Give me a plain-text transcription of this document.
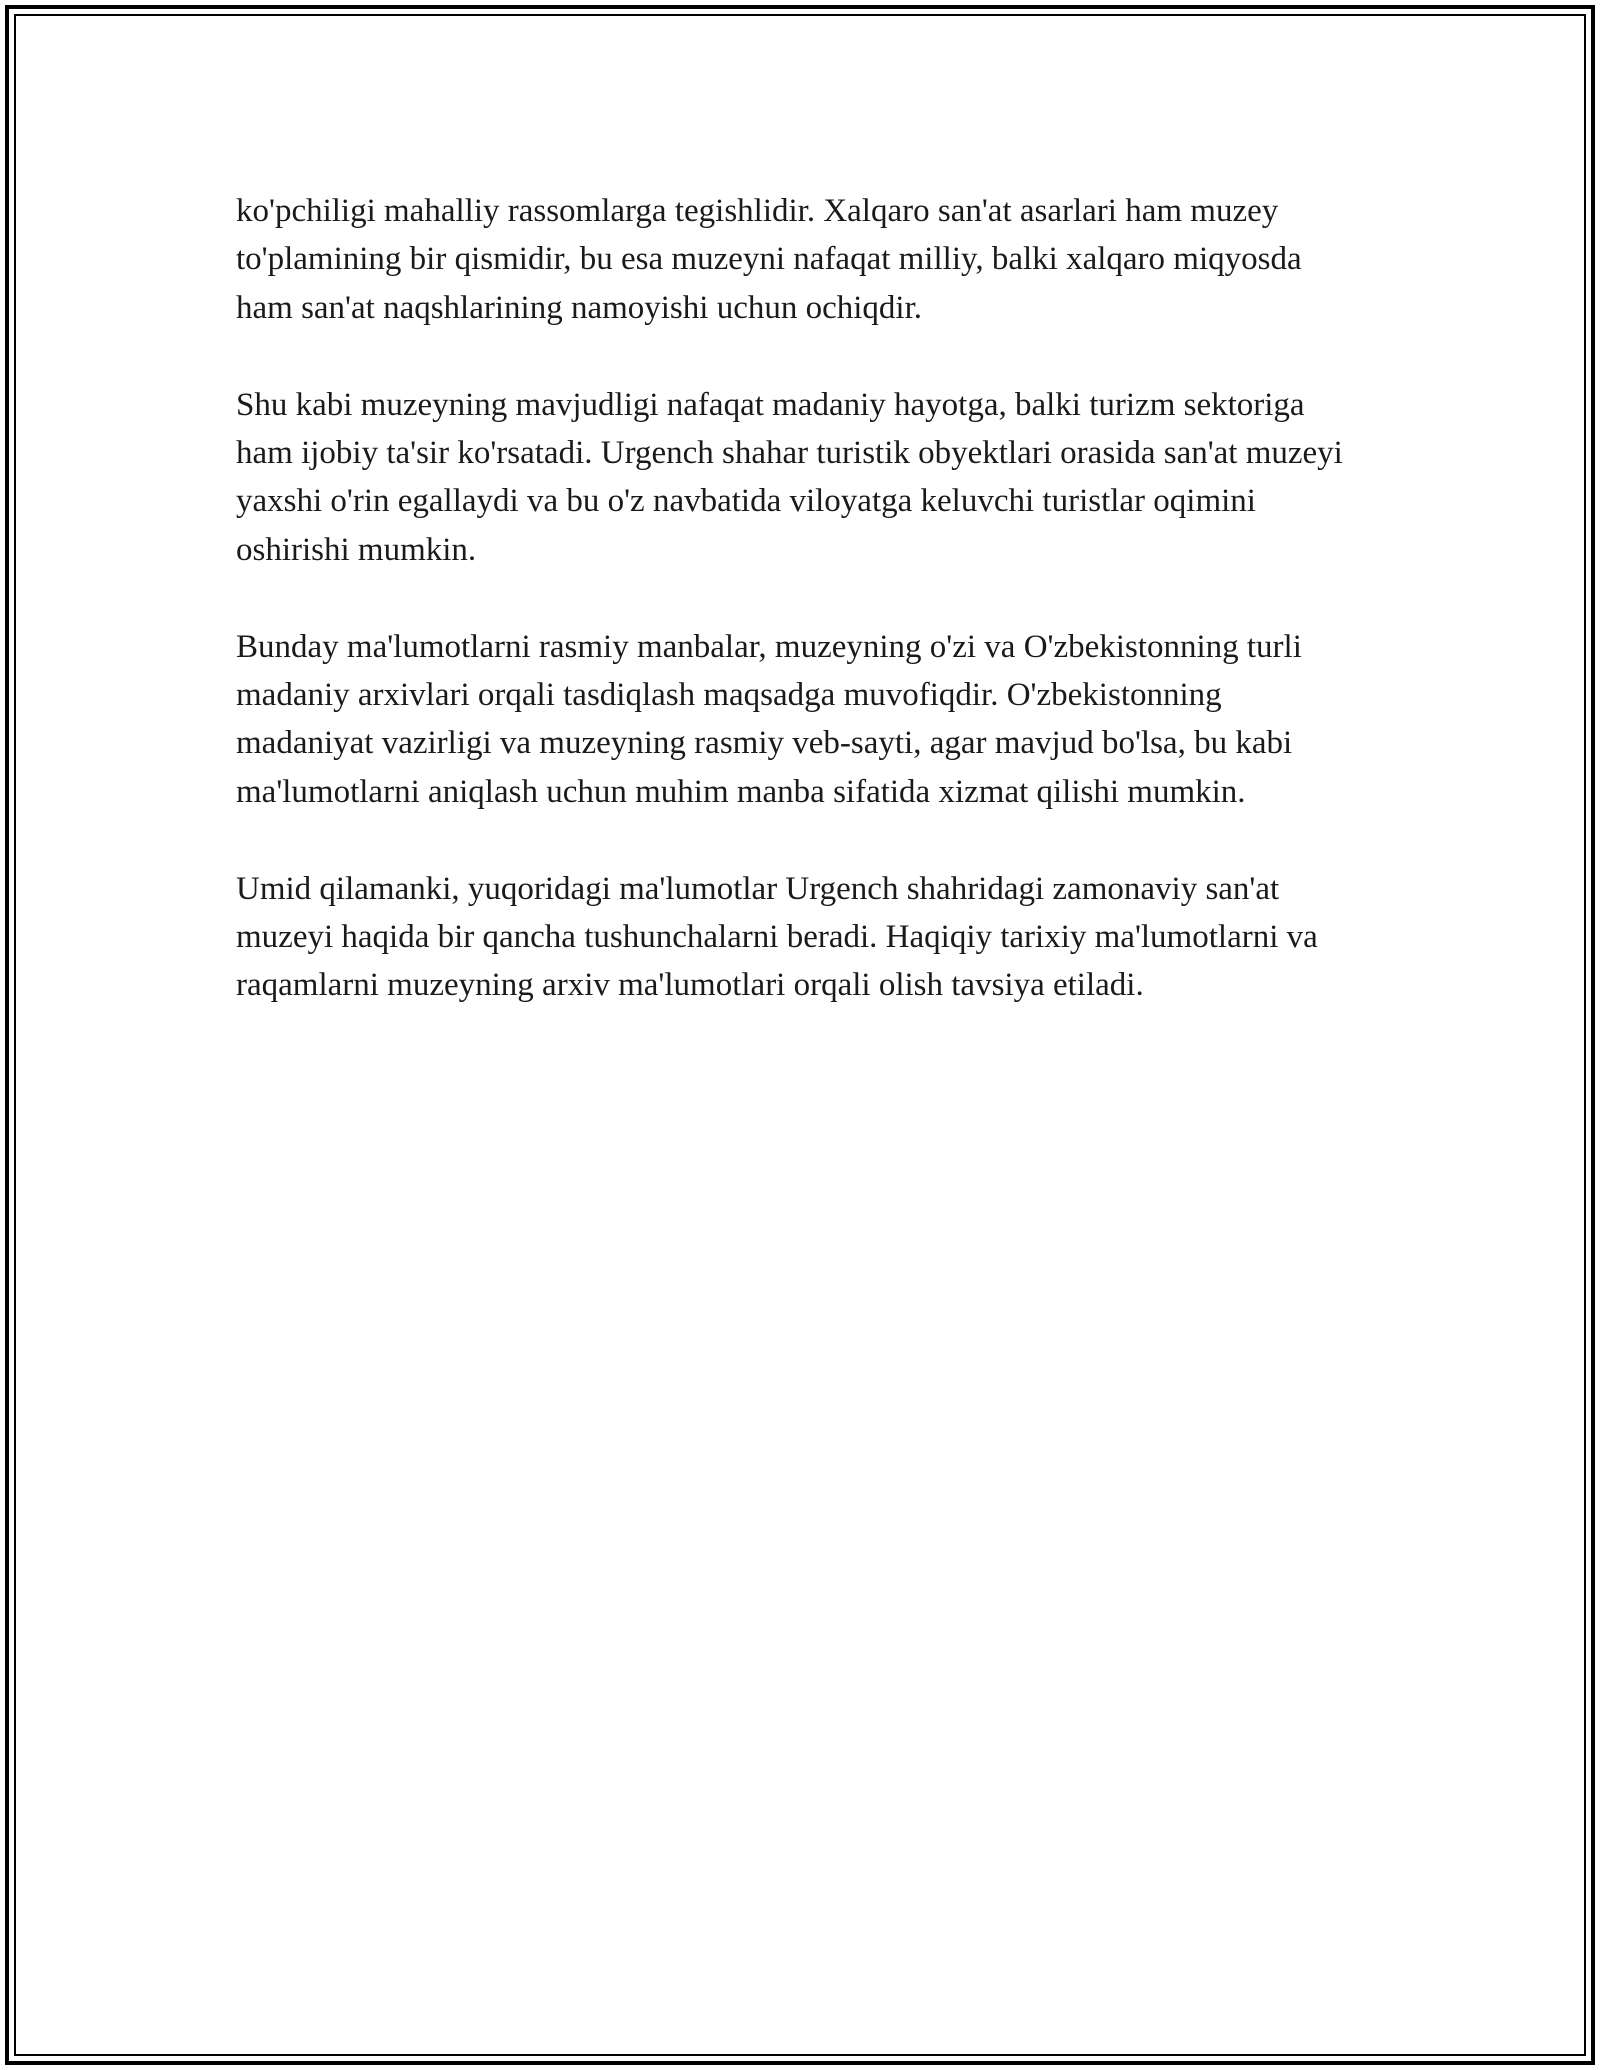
ko'pchiligi mahalliy rassomlarga tegishlidir. Xalqaro san'at asarlari ham muzey to'plamining bir qismidir, bu esa muzeyni nafaqat milliy, balki xalqaro miqyosda ham san'at naqshlarining namoyishi uchun ochiqdir.

Shu kabi muzeyning mavjudligi nafaqat madaniy hayotga, balki turizm sektoriga ham ijobiy ta'sir ko'rsatadi. Urgench shahar turistik obyektlari orasida san'at muzeyi yaxshi o'rin egallaydi va bu o'z navbatida viloyatga keluvchi turistlar oqimini oshirishi mumkin.

Bunday ma'lumotlarni rasmiy manbalar, muzeyning o'zi va O'zbekistonning turli madaniy arxivlari orqali tasdiqlash maqsadga muvofiqdir. O'zbekistonning madaniyat vazirligi va muzeyning rasmiy veb-sayti, agar mavjud bo'lsa, bu kabi ma'lumotlarni aniqlash uchun muhim manba sifatida xizmat qilishi mumkin.

Umid qilamanki, yuqoridagi ma'lumotlar Urgench shahridagi zamonaviy san'at muzeyi haqida bir qancha tushunchalarni beradi. Haqiqiy tarixiy ma'lumotlarni va raqamlarni muzeyning arxiv ma'lumotlari orqali olish tavsiya etiladi.
